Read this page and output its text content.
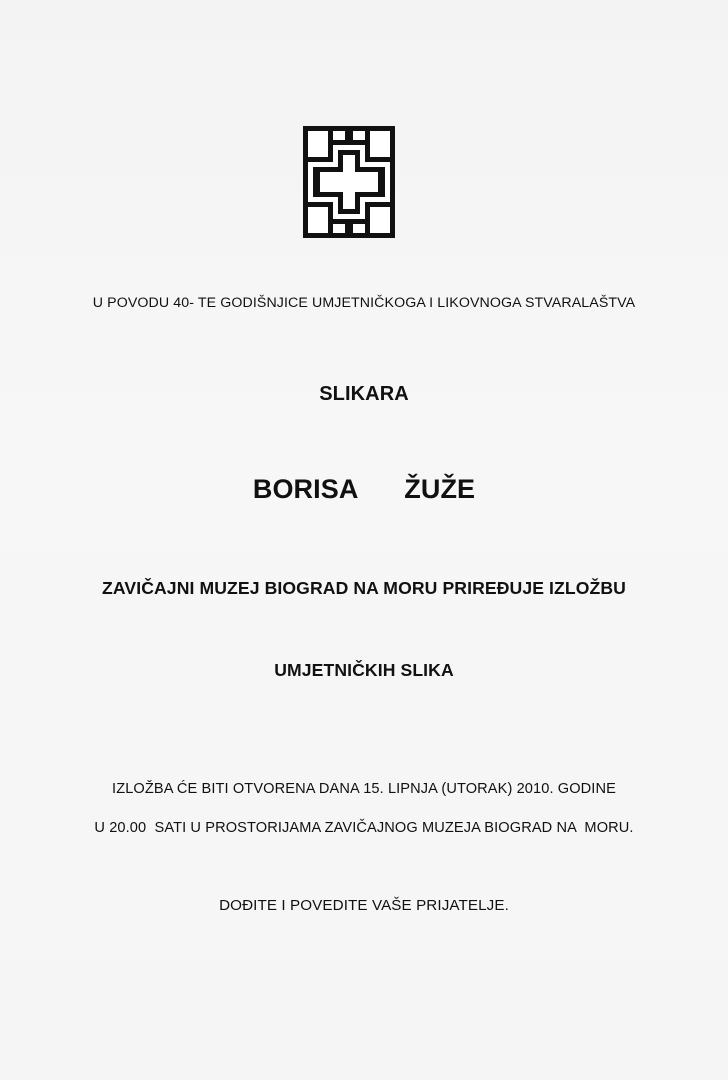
U POVODU 40- TE GODIŠNJICE UMJETNIČKOGA I LIKOVNOGA STVARALAŠTVA
SLIKARA
BORISA   ŽUŽE
ZAVIČAJNI MUZEJ BIOGRAD NA MORU PRIREĐUJE IZLOŽBU
UMJETNIČKIH SLIKA
IZLOŽBA ĆE BITI OTVORENA DANA 15. LIPNJA (UTORAK) 2010. GODINE
U 20.00  SATI U PROSTORIJAMA ZAVIČAJNOG MUZEJA BIOGRAD NA  MORU.
DOĐITE I POVEDITE VAŠE PRIJATELJE.
